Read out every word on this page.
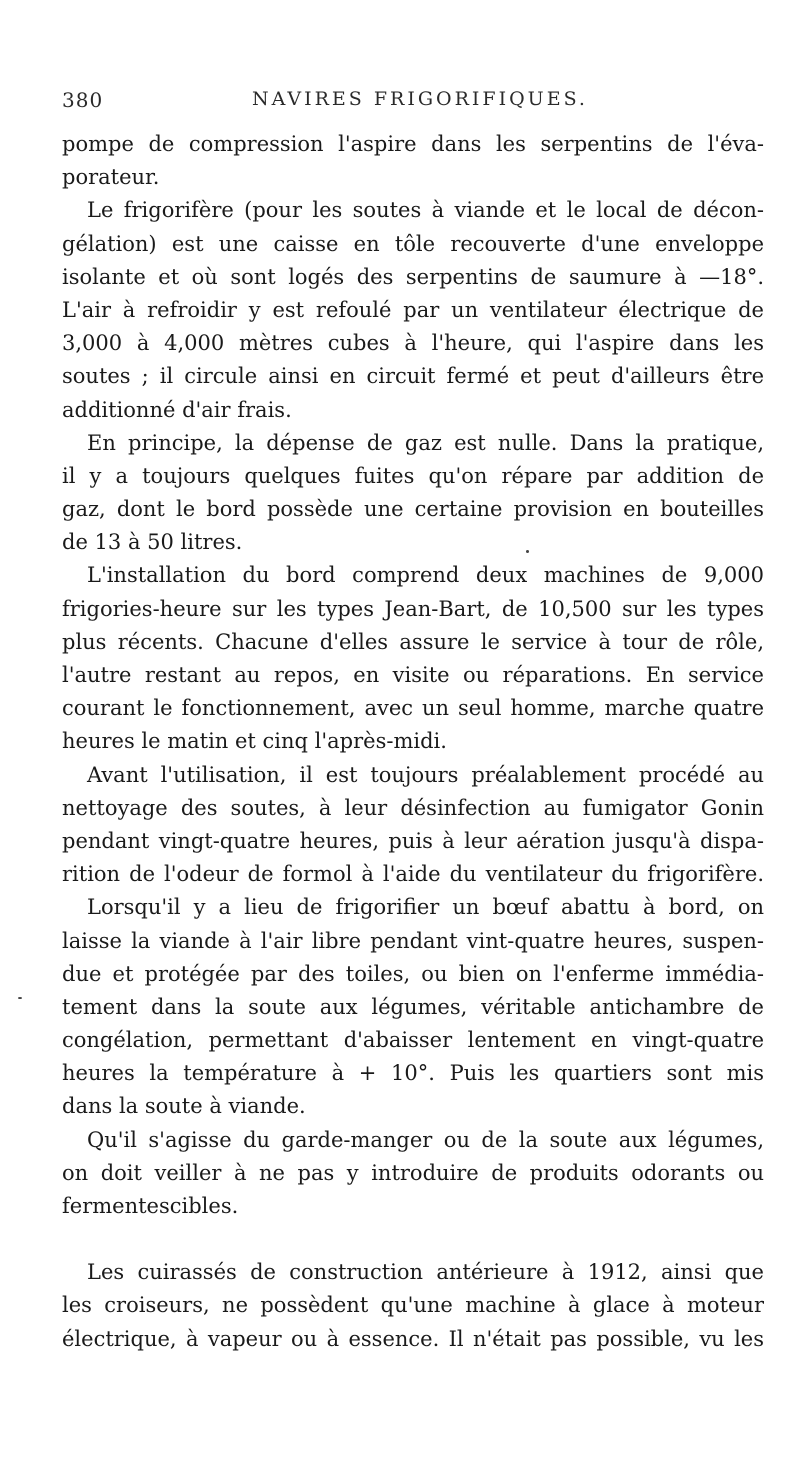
380	NAVIRES FRIGORIFIQUES.
pompe de compression l'aspire dans les serpentins de l'éva-
porateur.
Le frigorifère (pour les soutes à viande et le local de décon-
gélation) est une caisse en tôle recouverte d'une enveloppe
isolante et où sont logés des serpentins de saumure à —18°.
L'air à refroidir y est refoulé par un ventilateur électrique de
3,000 à 4,000 mètres cubes à l'heure, qui l'aspire dans les
soutes ; il circule ainsi en circuit fermé et peut d'ailleurs être
additionné d'air frais.
En principe, la dépense de gaz est nulle. Dans la pratique,
il y a toujours quelques fuites qu'on répare par addition de
gaz, dont le bord possède une certaine provision en bouteilles
de 13 à 50 litres.
L'installation du bord comprend deux machines de 9,000
frigories-heure sur les types Jean-Bart, de 10,500 sur les types
plus récents. Chacune d'elles assure le service à tour de rôle,
l'autre restant au repos, en visite ou réparations. En service
courant le fonctionnement, avec un seul homme, marche quatre
heures le matin et cinq l'après-midi.
Avant l'utilisation, il est toujours préalablement procédé au
nettoyage des soutes, à leur désinfection au fumigator Gonin
pendant vingt-quatre heures, puis à leur aération jusqu'à dispa-
rition de l'odeur de formol à l'aide du ventilateur du frigorifère.
Lorsqu'il y a lieu de frigorifier un bœuf abattu à bord, on
laisse la viande à l'air libre pendant vint-quatre heures, suspen-
due et protégée par des toiles, ou bien on l'enferme immédia-
tement dans la soute aux légumes, véritable antichambre de
congélation, permettant d'abaisser lentement en vingt-quatre
heures la température à + 10°. Puis les quartiers sont mis
dans la soute à viande.
Qu'il s'agisse du garde-manger ou de la soute aux légumes,
on doit veiller à ne pas y introduire de produits odorants ou
fermentescibles.
Les cuirassés de construction antérieure à 1912, ainsi que
les croiseurs, ne possèdent qu'une machine à glace à moteur
électrique, à vapeur ou à essence. Il n'était pas possible, vu les
